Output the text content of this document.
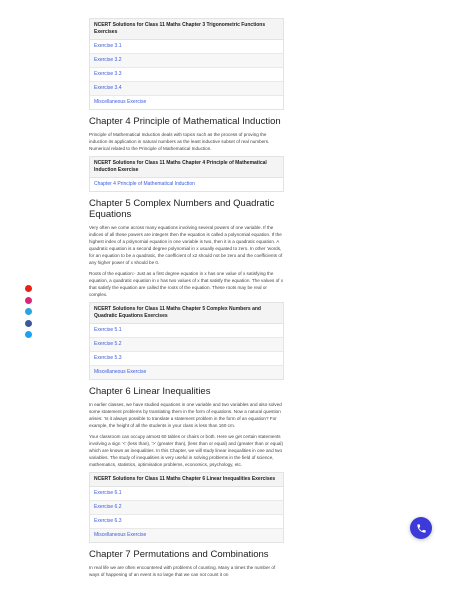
NCERT Solutions for Class 11 Maths Chapter 3 Trigonometric Functions Exercises
Exercise 3.1
Exercise 3.2
Exercise 3.3
Exercise 3.4
Miscellaneous Exercise
Chapter 4 Principle of Mathematical Induction

Principle of Mathematical Induction deals with topics such as the process of proving the induction its application in natural numbers as the least inductive subset of real numbers. Numerical related to the Principle of Mathematical Induction.

NCERT Solutions for Class 11 Maths Chapter 4 Principle of Mathematical Induction Exercise
Chapter 4 Principle of Mathematical Induction
Chapter 5 Complex Numbers and Quadratic Equations

Very often we come across many equations involving several powers of one variable. If the indices of all these powers are integers then the equation is called a polynomial equation. If the highest index of a polynomial equation in one variable is two, then it is a quadratic equation. A quadratic equation is a second degree polynomial in x usually equated to zero. In other ‘words, for an equation to be a quadratic, the coefficient of x2 should not be zero and the coefficients of any higher power of x should be 0.

Roots of the equation:- Just as a first degree equation in x has one value of x satisfying the equation, a quadratic equation in x has two values of x that satisfy the equation. The values of x that satisfy the equation are called the roots of the equation. These roots may be real or complex.

NCERT Solutions for Class 11 Maths Chapter 5 Complex Numbers and Quadratic Equations Exercises
Exercise 5.1
Exercise 5.2
Exercise 5.3
Miscellaneous Exercise
Chapter 6 Linear Inequalities

In earlier classes, we have studied equations in one variable and two variables and also solved some statement problems by translating them in the form of equations. Now a natural question arises: ‘Is it always possible to translate a statement problem in the form of an equation? For example, the height of all the students in your class is less than 160 cm.

Your classroom can occupy atmost 60 tables or chairs or both. Here we get certain statements involving a sign ‘<’ (less than), ‘>’ (greater than), (less than or equal) and (greater than or equal) which are known as inequalities. In this Chapter, we will study linear inequalities in one and two variables. The study of inequalities is very useful in solving problems in the field of science, mathematics, statistics, optimisation problems, economics, psychology, etc.

NCERT Solutions for Class 11 Maths Chapter 6 Linear Inequalities Exercises
Exercise 6.1
Exercise 6.2
Exercise 6.3
Miscellaneous Exercise
Chapter 7 Permutations and Combinations

In real life we are often encountered with problems of counting. Many a times the number of ways of happening of an event is so large that we can not count it on
